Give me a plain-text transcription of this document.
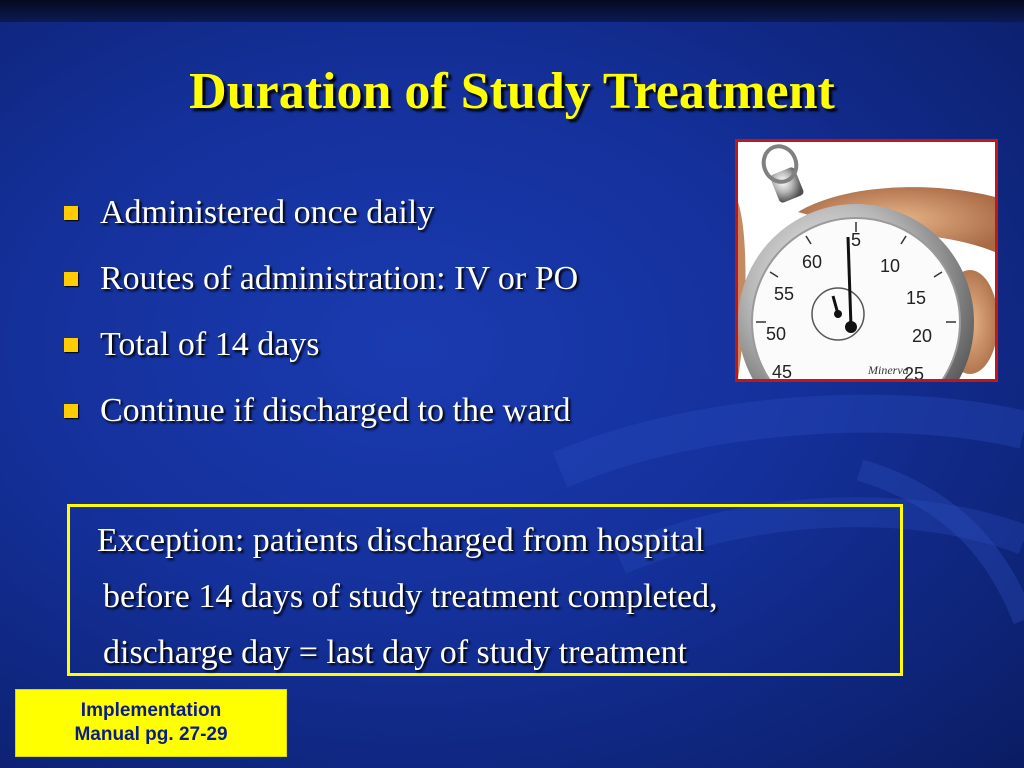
Duration of Study Treatment
Administered once daily
Routes of administration: IV or PO
Total of 14 days
Continue if discharged to the ward
60
5
10
15
20
25
55
50
45	Minerva
Exception: patients discharged from hospital
before 14 days of study treatment completed,
discharge day = last day of study treatment
Implementation
Manual pg. 27-29
